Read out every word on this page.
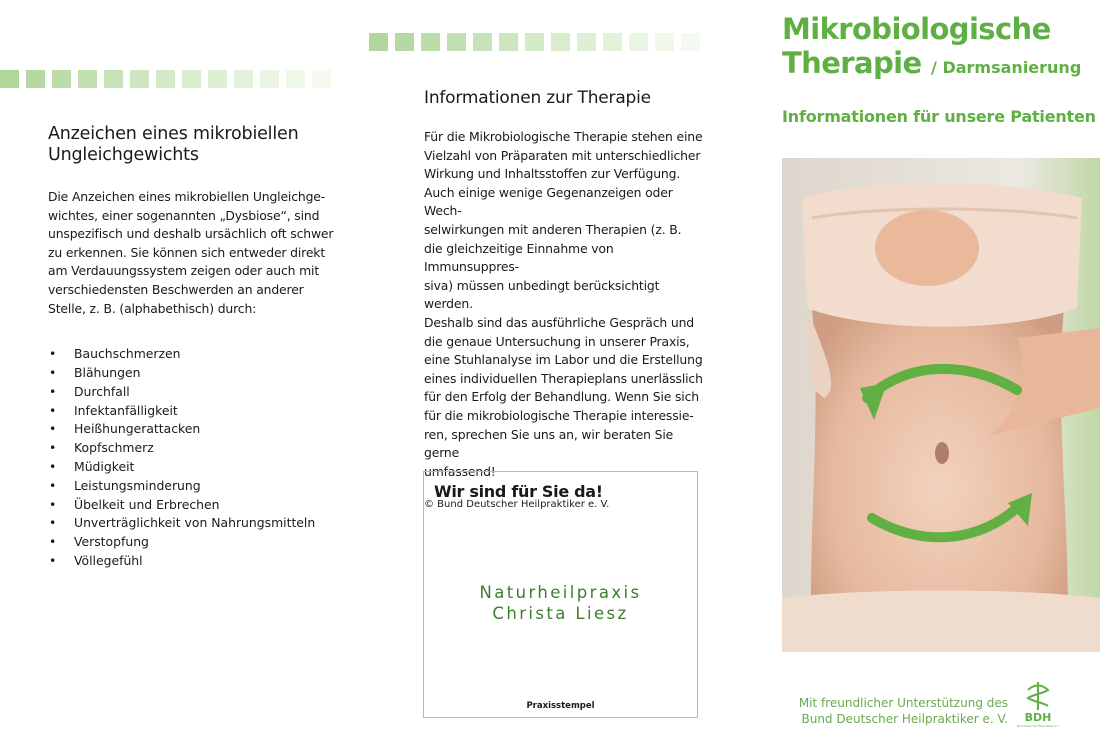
Anzeichen eines mikrobiellen
Ungleichgewichts
Die Anzeichen eines mikrobiellen Ungleichge-
wichtes, einer sogenannten „Dysbiose“, sind
unspezifisch und deshalb ursächlich oft schwer
zu erkennen. Sie können sich entweder direkt
am Verdauungssystem zeigen oder auch mit
verschiedensten Beschwerden an anderer
Stelle, z. B. (alphabethisch) durch:
• Bauchschmerzen
• Blähungen
• Durchfall
• Infektanfälligkeit
• Heißhungerattacken
• Kopfschmerz
• Müdigkeit
• Leistungsminderung
• Übelkeit und Erbrechen
• Unverträglichkeit von Nahrungsmitteln
• Verstopfung
• Völlegefühl
Informationen zur Therapie
Für die Mikrobiologische Therapie stehen eine
Vielzahl von Präparaten mit unterschiedlicher
Wirkung und Inhaltsstoffen zur Verfügung.
Auch einige wenige Gegenanzeigen oder Wech-
selwirkungen mit anderen Therapien (z. B.
die gleichzeitige Einnahme von Immunsuppres-
siva) müssen unbedingt berücksichtigt werden.
Deshalb sind das ausführliche Gespräch und
die genaue Untersuchung in unserer Praxis,
eine Stuhlanalyse im Labor und die Erstellung
eines individuellen Therapieplans unerlässlich
für den Erfolg der Behandlung. Wenn Sie sich
für die mikrobiologische Therapie interessie-
ren, sprechen Sie uns an, wir beraten Sie gerne
umfassend!
© Bund Deutscher Heilpraktiker e. V.
Wir sind für Sie da!
Naturheilpraxis
Christa Liesz
Praxisstempel
Mikrobiologische
Therapie / Darmsanierung
Informationen für unsere Patienten
Mit freundlicher Unterstützung des
Bund Deutscher Heilpraktiker e. V. BDH
Bund Deutscher Heilpraktiker e.V.
